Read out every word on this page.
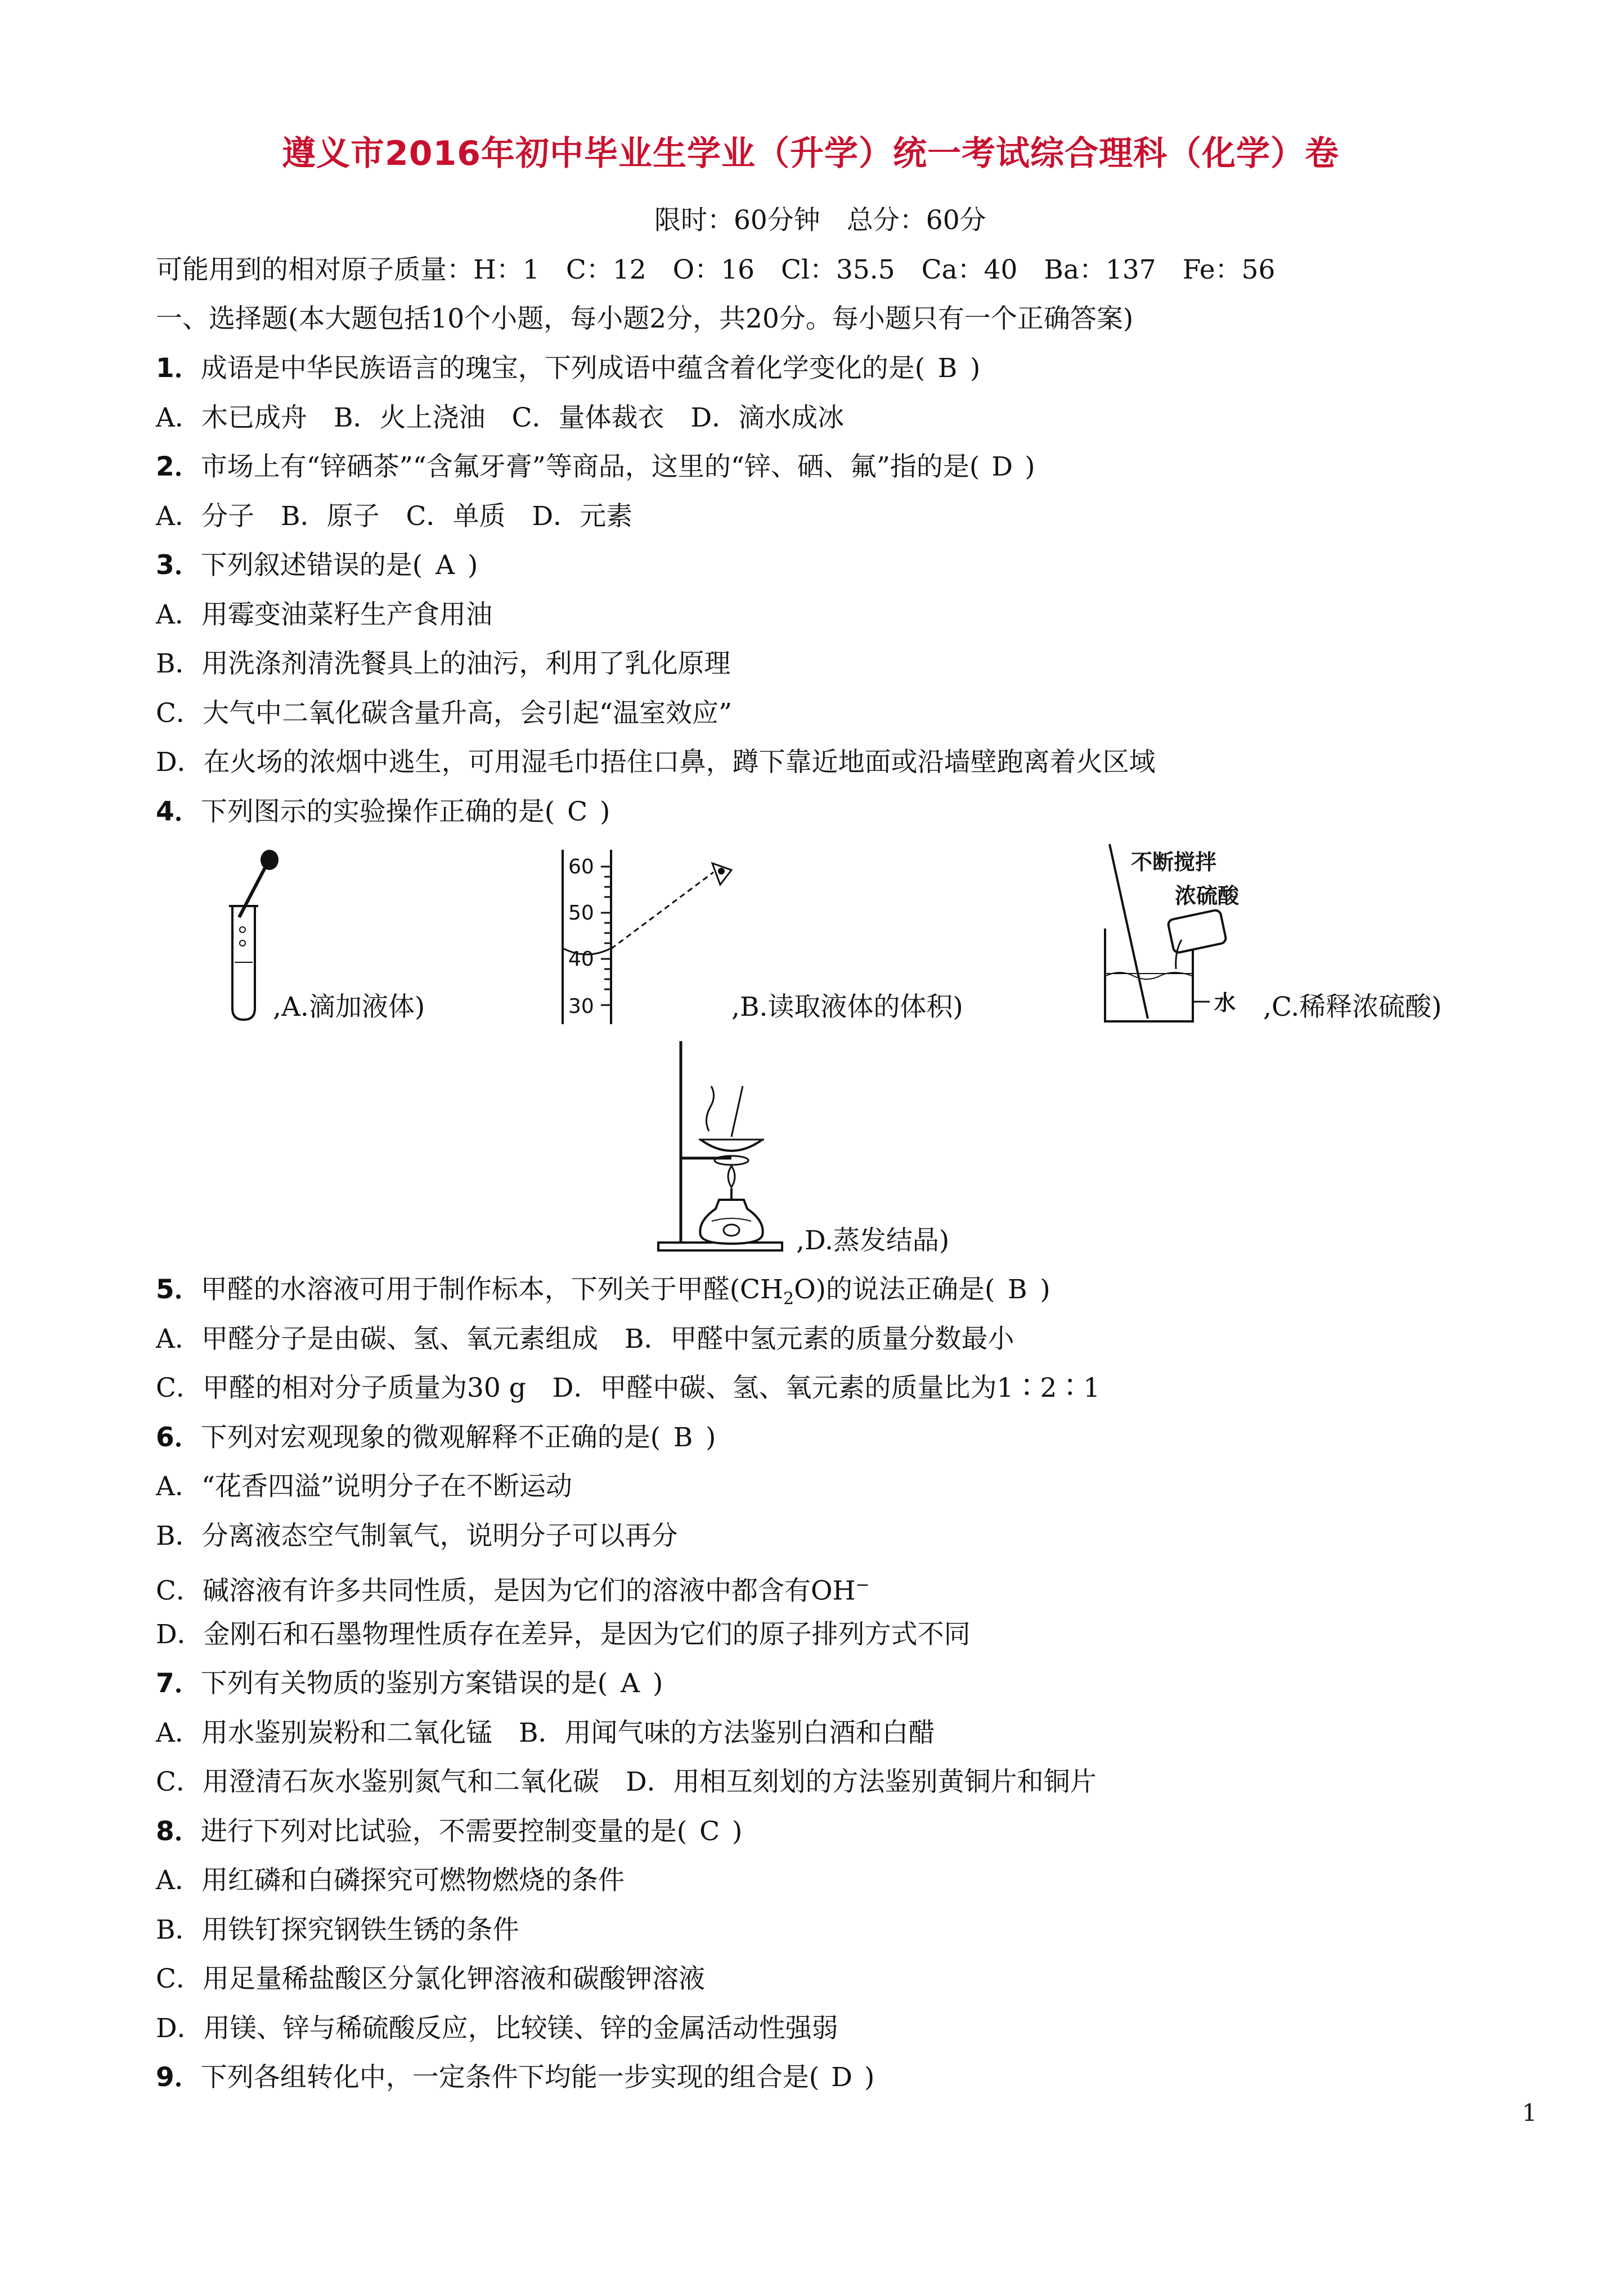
遵义市2016年初中毕业生学业（升学）统一考试综合理科（化学）卷
限时：60分钟　总分：60分
可能用到的相对原子质量：H：1　C：12　O：16　Cl：35.5　Ca：40　Ba：137　Fe：56
一、选择题(本大题包括10个小题，每小题2分，共20分。每小题只有一个正确答案)
1．成语是中华民族语言的瑰宝，下列成语中蕴含着化学变化的是( B )
A．木已成舟　B．火上浇油　C．量体裁衣　D．滴水成冰
2．市场上有“锌硒茶”“含氟牙膏”等商品，这里的“锌、硒、氟”指的是( D )
A．分子　B．原子　C．单质　D．元素
3．下列叙述错误的是( A )
A．用霉变油菜籽生产食用油
B．用洗涤剂清洗餐具上的油污，利用了乳化原理
C．大气中二氧化碳含量升高，会引起“温室效应”
D．在火场的浓烟中逃生，可用湿毛巾捂住口鼻，蹲下靠近地面或沿墙壁跑离着火区域
4．下列图示的实验操作正确的是( C )
,A.滴加液体)
60
50
40
30	,B.读取液体的体积)
不断搅拌
浓硫酸
水 ,C.稀释浓硫酸)
,D.蒸发结晶)
5．甲醛的水溶液可用于制作标本，下列关于甲醛$(CH_2O)$的说法正确是( B )
A．甲醛分子是由碳、氢、氧元素组成　B．甲醛中氢元素的质量分数最小
C．甲醛的相对分子质量为30 g　D．甲醛中碳、氢、氧元素的质量比为1∶2∶1
6．下列对宏观现象的微观解释不正确的是( B )
A．“花香四溢”说明分子在不断运动
B．分离液态空气制氧气，说明分子可以再分
C．碱溶液有许多共同性质，是因为它们的溶液中都含有OH−
D．金刚石和石墨物理性质存在差异，是因为它们的原子排列方式不同
7．下列有关物质的鉴别方案错误的是( A )
A．用水鉴别炭粉和二氧化锰　B．用闻气味的方法鉴别白酒和白醋
C．用澄清石灰水鉴别氮气和二氧化碳　D．用相互刻划的方法鉴别黄铜片和铜片
8．进行下列对比试验，不需要控制变量的是( C )
A．用红磷和白磷探究可燃物燃烧的条件
B．用铁钉探究钢铁生锈的条件
C．用足量稀盐酸区分氯化钾溶液和碳酸钾溶液
D．用镁、锌与稀硫酸反应，比较镁、锌的金属活动性强弱
9．下列各组转化中，一定条件下均能一步实现的组合是( D )
1
